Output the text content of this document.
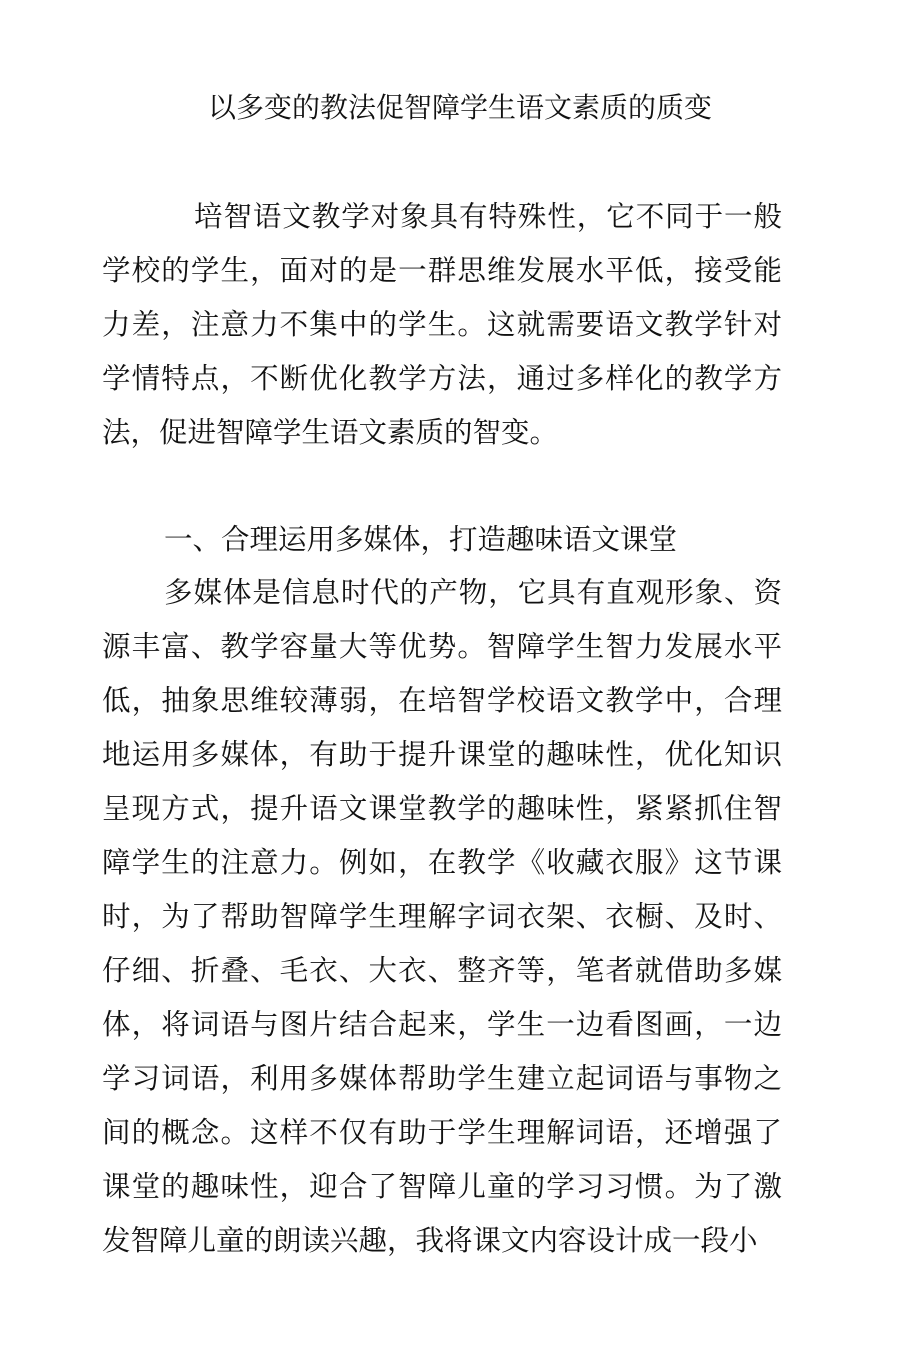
以多变的教法促智障学生语文素质的质变

培智语文教学对象具有特殊性，它不同于一般学校的学生，面对的是一群思维发展水平低，接受能力差，注意力不集中的学生。这就需要语文教学针对学情特点，不断优化教学方法，通过多样化的教学方法，促进智障学生语文素质的智变。

一、合理运用多媒体，打造趣味语文课堂

多媒体是信息时代的产物，它具有直观形象、资源丰富、教学容量大等优势。智障学生智力发展水平低，抽象思维较薄弱，在培智学校语文教学中，合理地运用多媒体，有助于提升课堂的趣味性，优化知识呈现方式，提升语文课堂教学的趣味性，紧紧抓住智障学生的注意力。例如，在教学《收藏衣服》这节课时，为了帮助智障学生理解字词衣架、衣橱、及时、仔细、折叠、毛衣、大衣、整齐等，笔者就借助多媒体，将词语与图片结合起来，学生一边看图画，一边学习词语，利用多媒体帮助学生建立起词语与事物之间的概念。这样不仅有助于学生理解词语，还增强了课堂的趣味性，迎合了智障儿童的学习习惯。为了激发智障儿童的朗读兴趣，我将课文内容设计成一段小
